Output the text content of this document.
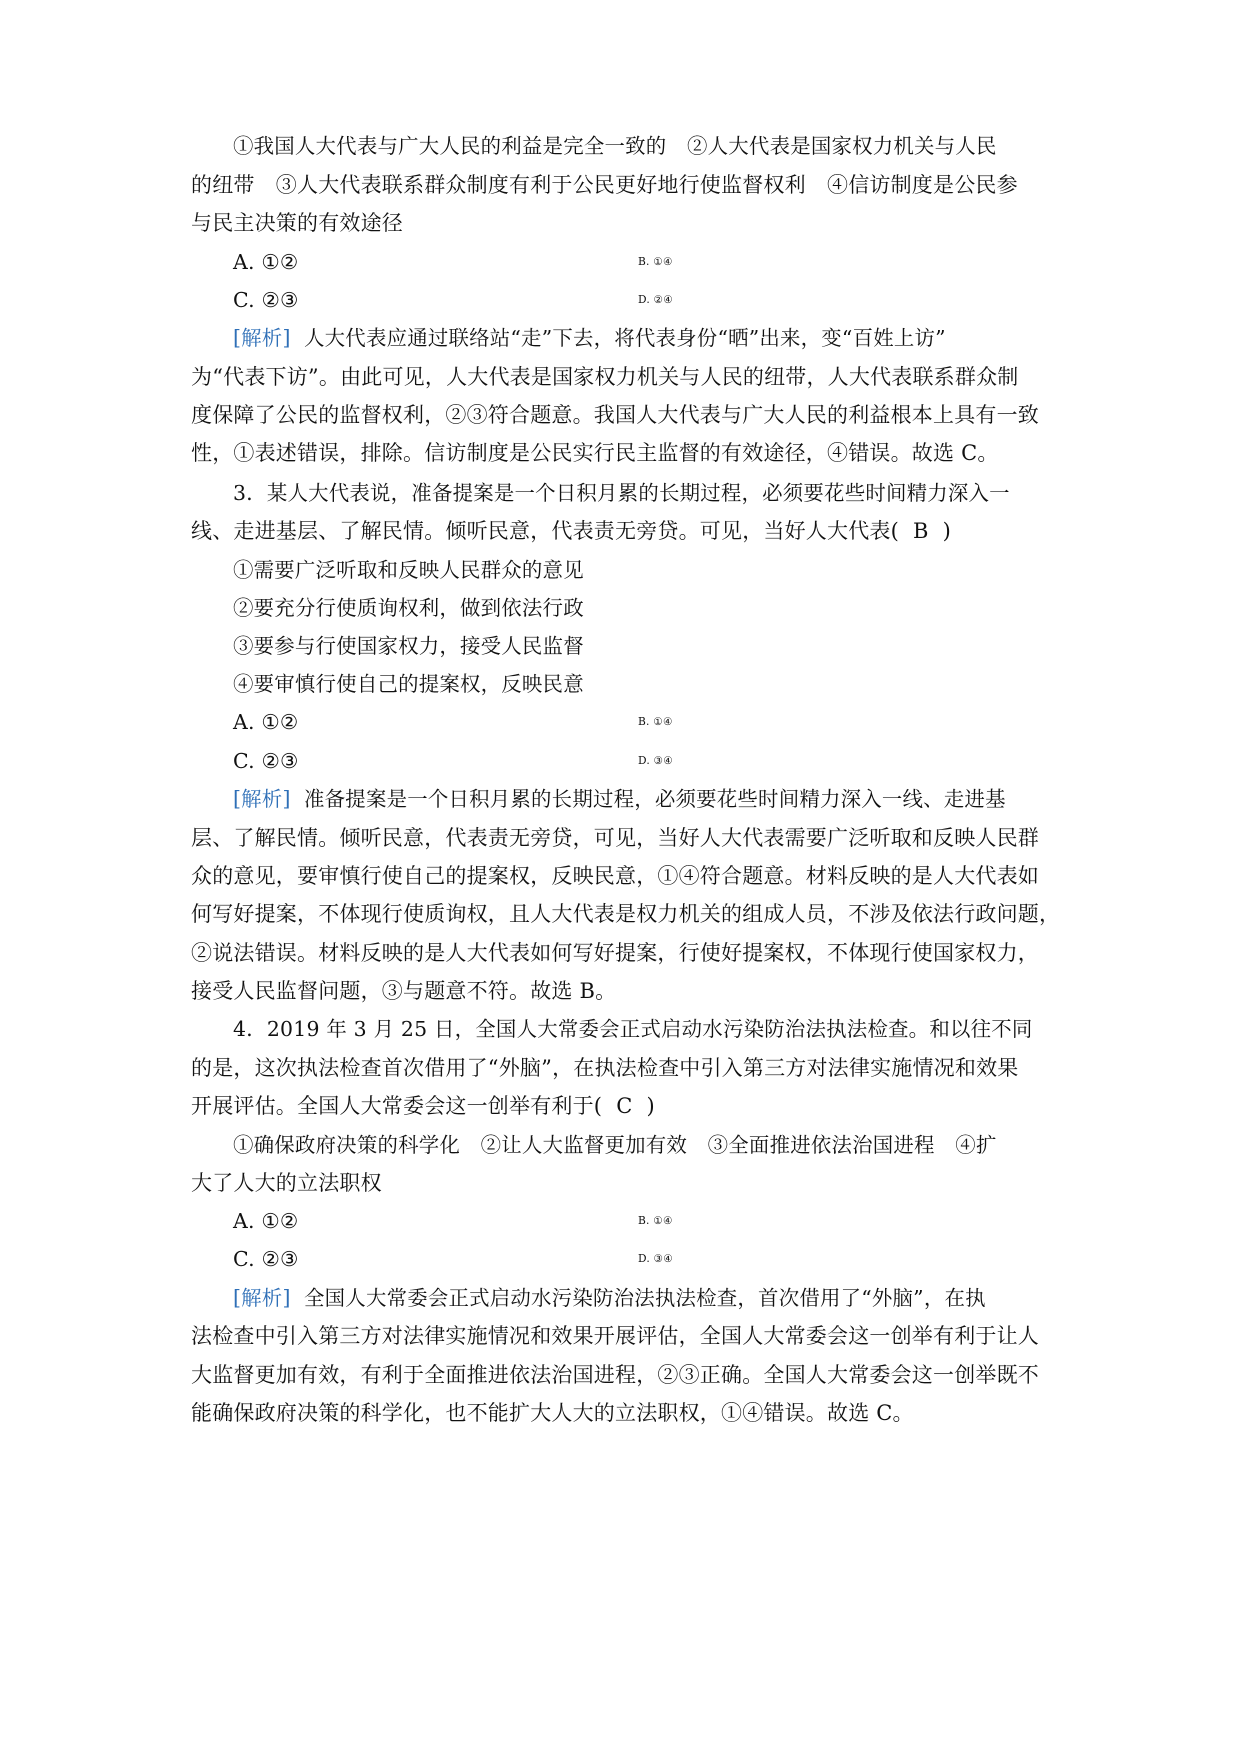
①我国人大代表与广大人民的利益是完全一致的　②人大代表是国家权力机关与人民
的纽带　③人大代表联系群众制度有利于公民更好地行使监督权利　④信访制度是公民参
与民主决策的有效途径
A. ①②	B. ①④
C. ②③	D. ②④
[解析] 人大代表应通过联络站“走”下去，将代表身份“晒”出来，变“百姓上访”
为“代表下访”。由此可见，人大代表是国家权力机关与人民的纽带，人大代表联系群众制
度保障了公民的监督权利，②③符合题意。我国人大代表与广大人民的利益根本上具有一致
性，①表述错误，排除。信访制度是公民实行民主监督的有效途径，④错误。故选 C。
3．某人大代表说，准备提案是一个日积月累的长期过程，必须要花些时间精力深入一
线、走进基层、了解民情。倾听民意，代表责无旁贷。可见，当好人大代表( B )
①需要广泛听取和反映人民群众的意见
②要充分行使质询权利，做到依法行政
③要参与行使国家权力，接受人民监督
④要审慎行使自己的提案权，反映民意
A. ①②	B. ①④
C. ②③	D. ③④
[解析] 准备提案是一个日积月累的长期过程，必须要花些时间精力深入一线、走进基
层、了解民情。倾听民意，代表责无旁贷，可见，当好人大代表需要广泛听取和反映人民群
众的意见，要审慎行使自己的提案权，反映民意，①④符合题意。材料反映的是人大代表如
何写好提案，不体现行使质询权，且人大代表是权力机关的组成人员，不涉及依法行政问题，
②说法错误。材料反映的是人大代表如何写好提案，行使好提案权，不体现行使国家权力，
接受人民监督问题，③与题意不符。故选 B。
4．2019 年 3 月 25 日，全国人大常委会正式启动水污染防治法执法检查。和以往不同
的是，这次执法检查首次借用了“外脑”，在执法检查中引入第三方对法律实施情况和效果
开展评估。全国人大常委会这一创举有利于( C )
①确保政府决策的科学化　②让人大监督更加有效　③全面推进依法治国进程　④扩
大了人大的立法职权
A. ①②	B. ①④
C. ②③	D. ③④
[解析] 全国人大常委会正式启动水污染防治法执法检查，首次借用了“外脑”，在执
法检查中引入第三方对法律实施情况和效果开展评估，全国人大常委会这一创举有利于让人
大监督更加有效，有利于全面推进依法治国进程，②③正确。全国人大常委会这一创举既不
能确保政府决策的科学化，也不能扩大人大的立法职权，①④错误。故选 C。
